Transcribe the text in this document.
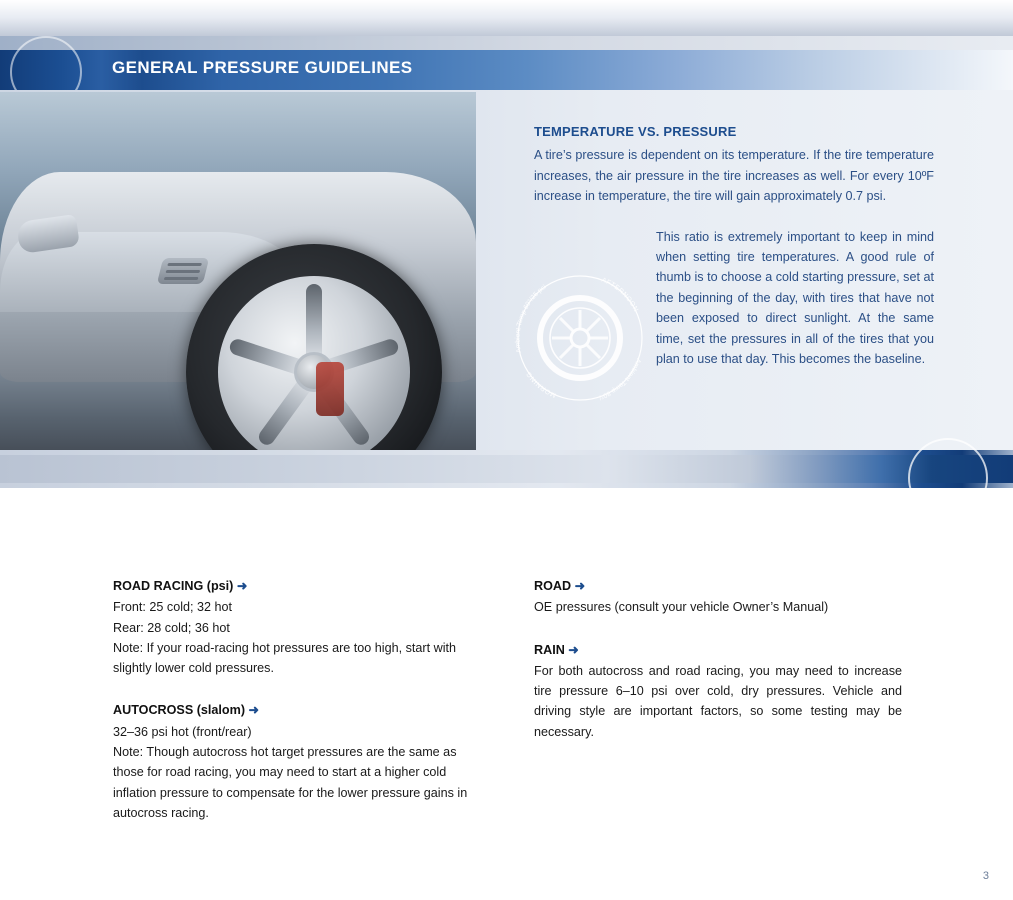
GENERAL PRESSURE GUIDELINES
Ambient Temp 60°/25 psi
AFTERNOON
Ambient Temp 80°/
MORNING
TEMPERATURE VS. PRESSURE

A tire’s pressure is dependent on its temperature. If the tire temperature increases, the air pressure in the tire increases as well. For every 10ºF increase in temperature, the tire will gain approximately 0.7 psi.

This ratio is extremely important to keep in mind when setting tire temperatures. A good rule of thumb is to choose a cold starting pressure, set at the beginning of the day, with tires that have not been exposed to direct sunlight. At the same time, set the pressures in all of the tires that you plan to use that day. This becomes the baseline.

ROAD RACING (psi) ➜

Front: 25 cold; 32 hot

Rear: 28 cold; 36 hot

Note: If your road-racing hot pressures are too high, start with slightly lower cold pressures.

AUTOCROSS (slalom) ➜

32–36 psi hot (front/rear)

Note: Though autocross hot target pressures are the same as those for road racing, you may need to start at a higher cold inflation pressure to compensate for the lower pressure gains in autocross racing.

ROAD ➜

OE pressures (consult your vehicle Owner’s Manual)

RAIN ➜

For both autocross and road racing, you may need to increase tire pressure 6–10 psi over cold, dry pressures. Vehicle and driving style are important factors, so some testing may be necessary.

3
